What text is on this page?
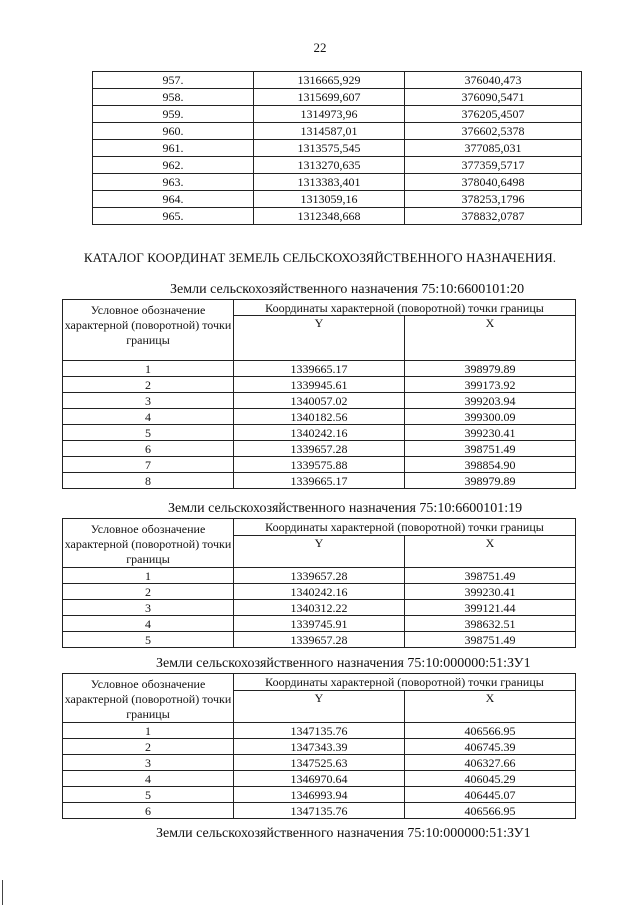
22
957.	1316665,929	376040,473
958.	1315699,607	376090,5471
959.	1314973,96	376205,4507
960.	1314587,01	376602,5378
961.	1313575,545	377085,031
962.	1313270,635	377359,5717
963.	1313383,401	378040,6498
964.	1313059,16	378253,1796
965.	1312348,668	378832,0787
КАТАЛОГ КООРДИНАТ ЗЕМЕЛЬ СЕЛЬСКОХОЗЯЙСТВЕННОГО НАЗНАЧЕНИЯ.
Земли сельскохозяйственного назначения 75:10:6600101:20
Условное обозначение характерной (поворотной) точки границы	Координаты характерной (поворотной) точки границы	
	Y	X
1	1339665.17	398979.89
2	1339945.61	399173.92
3	1340057.02	399203.94
4	1340182.56	399300.09
5	1340242.16	399230.41
6	1339657.28	398751.49
7	1339575.88	398854.90
8	1339665.17	398979.89
Земли сельскохозяйственного назначения 75:10:6600101:19
Условное обозначение характерной (поворотной) точки границы	Координаты характерной (поворотной) точки границы	
	Y	X
1	1339657.28	398751.49
2	1340242.16	399230.41
3	1340312.22	399121.44
4	1339745.91	398632.51
5	1339657.28	398751.49
Земли сельскохозяйственного назначения 75:10:000000:51:ЗУ1
Условное обозначение характерной (поворотной) точки границы	Координаты характерной (поворотной) точки границы	
	Y	X
1	1347135.76	406566.95
2	1347343.39	406745.39
3	1347525.63	406327.66
4	1346970.64	406045.29
5	1346993.94	406445.07
6	1347135.76	406566.95
Земли сельскохозяйственного назначения 75:10:000000:51:ЗУ1
